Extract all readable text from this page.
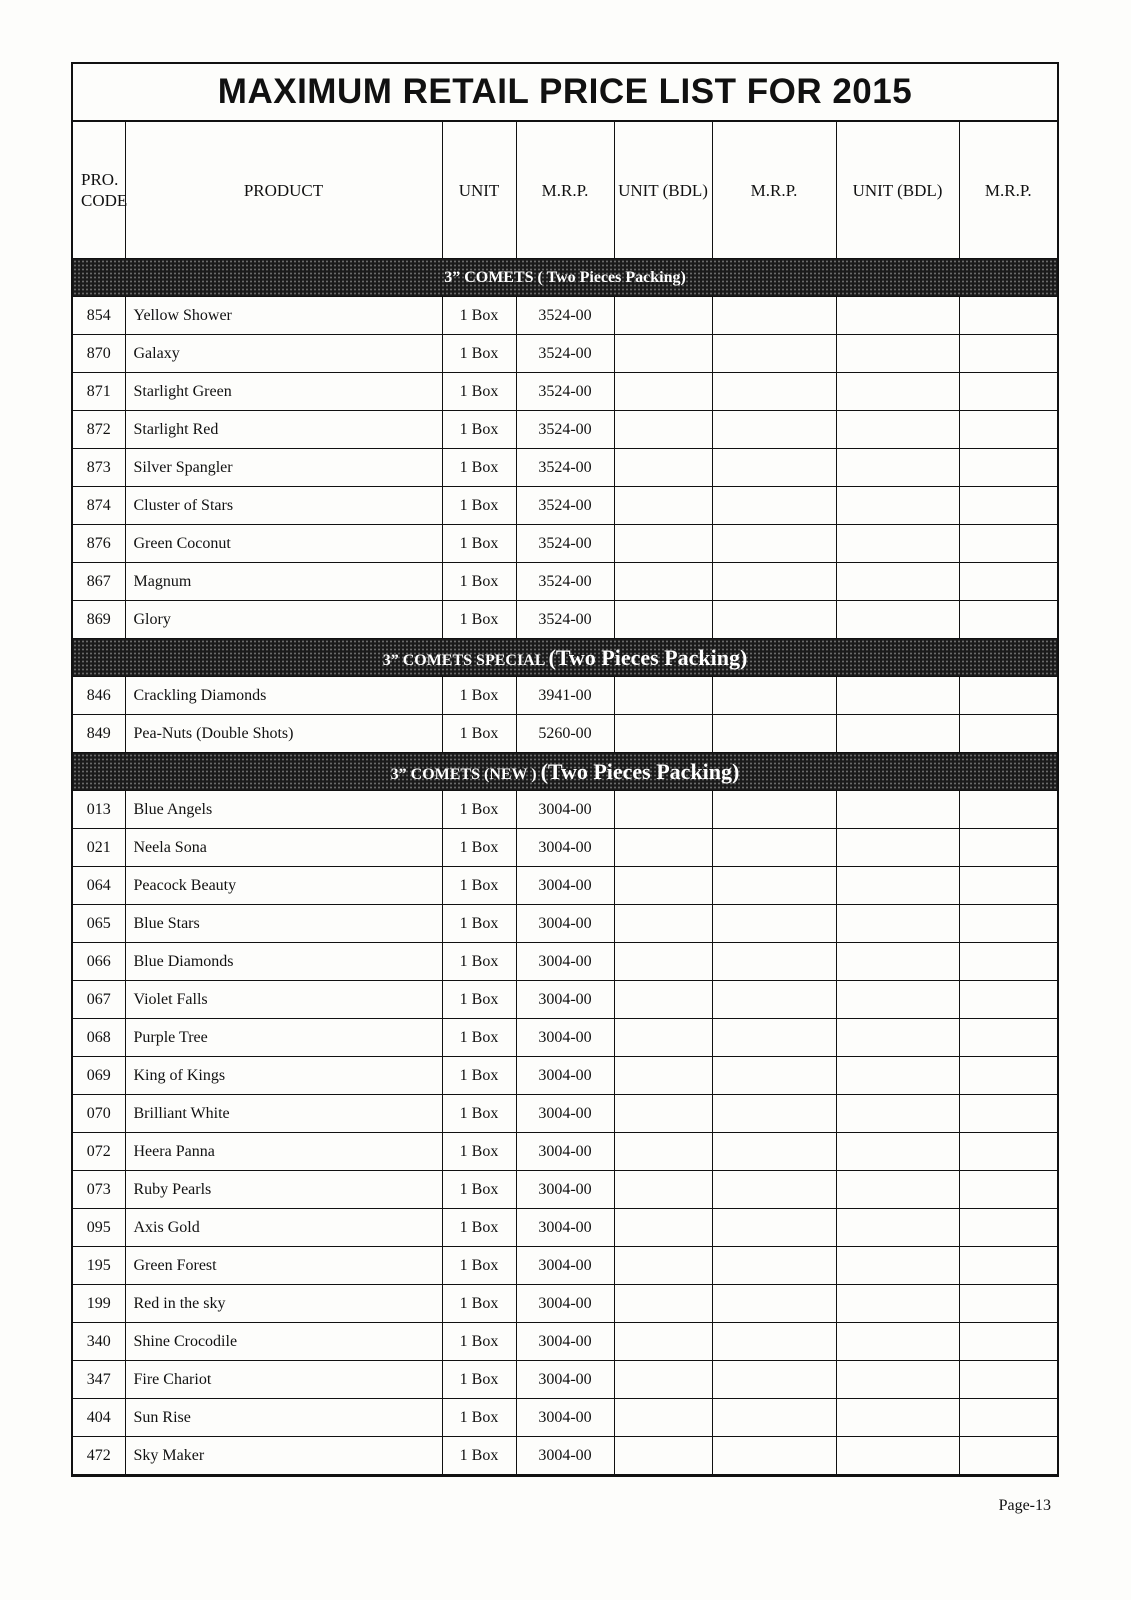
MAXIMUM RETAIL PRICE LIST FOR 2015
PRO. CODE	PRODUCT	UNIT	M.R.P.	UNIT (BDL)	M.R.P.	UNIT (BDL)	M.R.P.
3” COMETS ( Two Pieces Packing)							
854	Yellow Shower	1 Box	3524-00				
870	Galaxy	1 Box	3524-00				
871	Starlight Green	1 Box	3524-00				
872	Starlight Red	1 Box	3524-00				
873	Silver Spangler	1 Box	3524-00				
874	Cluster of Stars	1 Box	3524-00				
876	Green Coconut	1 Box	3524-00				
867	Magnum	1 Box	3524-00				
869	Glory	1 Box	3524-00				
3” COMETS SPECIAL (Two Pieces Packing)							
846	Crackling Diamonds	1 Box	3941-00				
849	Pea-Nuts (Double Shots)	1 Box	5260-00				
3” COMETS (NEW ) (Two Pieces Packing)							
013	Blue Angels	1 Box	3004-00				
021	Neela Sona	1 Box	3004-00				
064	Peacock Beauty	1 Box	3004-00				
065	Blue Stars	1 Box	3004-00				
066	Blue Diamonds	1 Box	3004-00				
067	Violet Falls	1 Box	3004-00				
068	Purple Tree	1 Box	3004-00				
069	King of Kings	1 Box	3004-00				
070	Brilliant White	1 Box	3004-00				
072	Heera Panna	1 Box	3004-00				
073	Ruby Pearls	1 Box	3004-00				
095	Axis Gold	1 Box	3004-00				
195	Green Forest	1 Box	3004-00				
199	Red in the sky	1 Box	3004-00				
340	Shine Crocodile	1 Box	3004-00				
347	Fire Chariot	1 Box	3004-00				
404	Sun Rise	1 Box	3004-00				
472	Sky Maker	1 Box	3004-00				
Page-13
